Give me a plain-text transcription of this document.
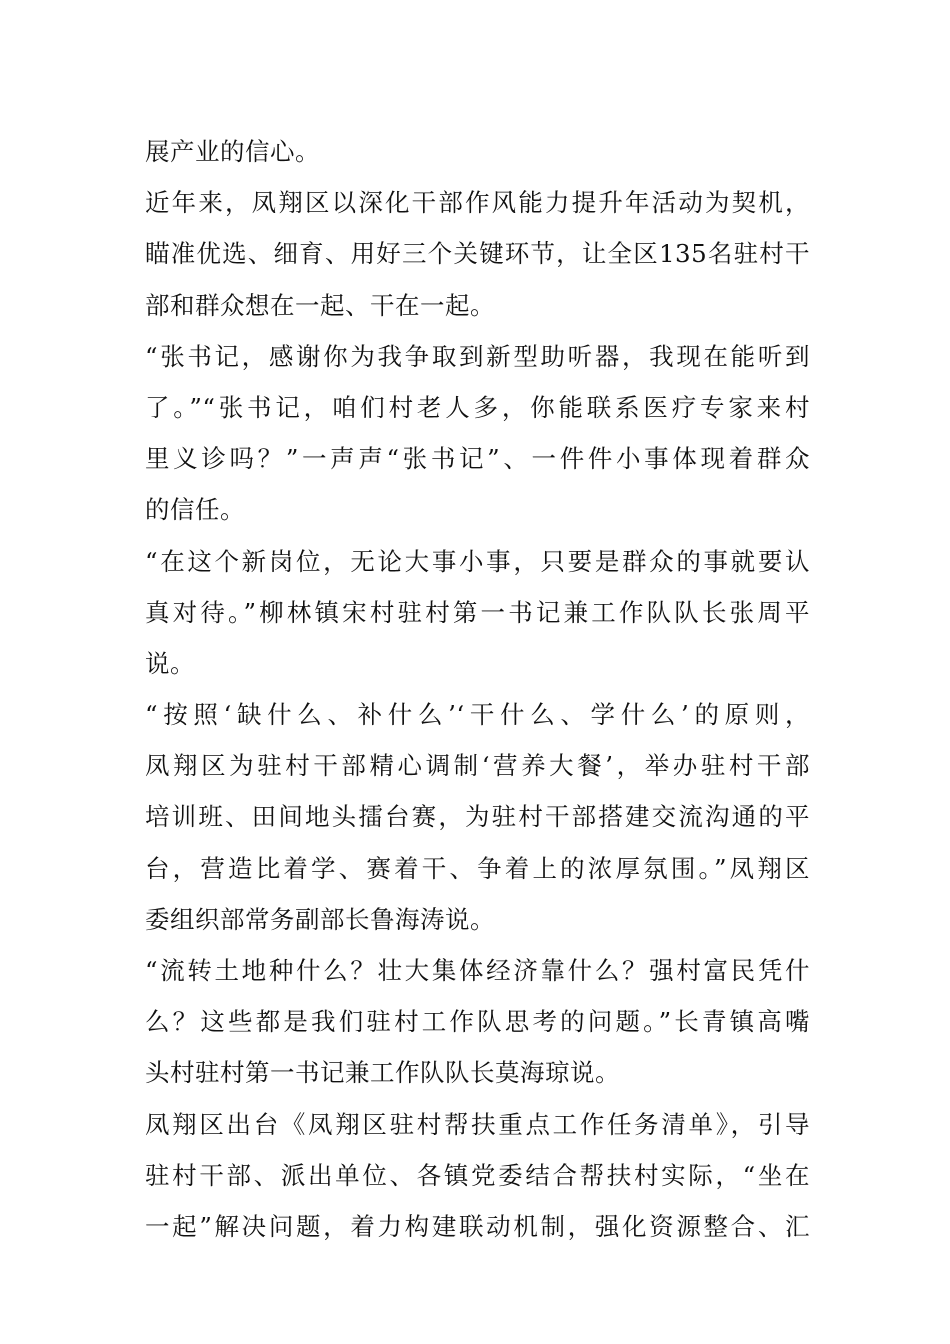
展产业的信心。
近年来，凤翔区以深化干部作风能力提升年活动为契机，
瞄准优选、细育、用好三个关键环节，让全区135名驻村干
部和群众想在一起、干在一起。
“张书记，感谢你为我争取到新型助听器，我现在能听到
了。”“张书记，咱们村老人多，你能联系医疗专家来村
里义诊吗？”一声声“张书记”、一件件小事体现着群众
的信任。
“在这个新岗位，无论大事小事，只要是群众的事就要认
真对待。”柳林镇宋村驻村第一书记兼工作队队长张周平
说。
“按照‘缺什么、补什么’‘干什么、学什么’的原则，
凤翔区为驻村干部精心调制‘营养大餐’，举办驻村干部
培训班、田间地头擂台赛，为驻村干部搭建交流沟通的平
台，营造比着学、赛着干、争着上的浓厚氛围。”凤翔区
委组织部常务副部长鲁海涛说。
“流转土地种什么？壮大集体经济靠什么？强村富民凭什
么？这些都是我们驻村工作队思考的问题。”长青镇高嘴
头村驻村第一书记兼工作队队长莫海琼说。
凤翔区出台《凤翔区驻村帮扶重点工作任务清单》，引导
驻村干部、派出单位、各镇党委结合帮扶村实际，“坐在
一起”解决问题，着力构建联动机制，强化资源整合、汇
